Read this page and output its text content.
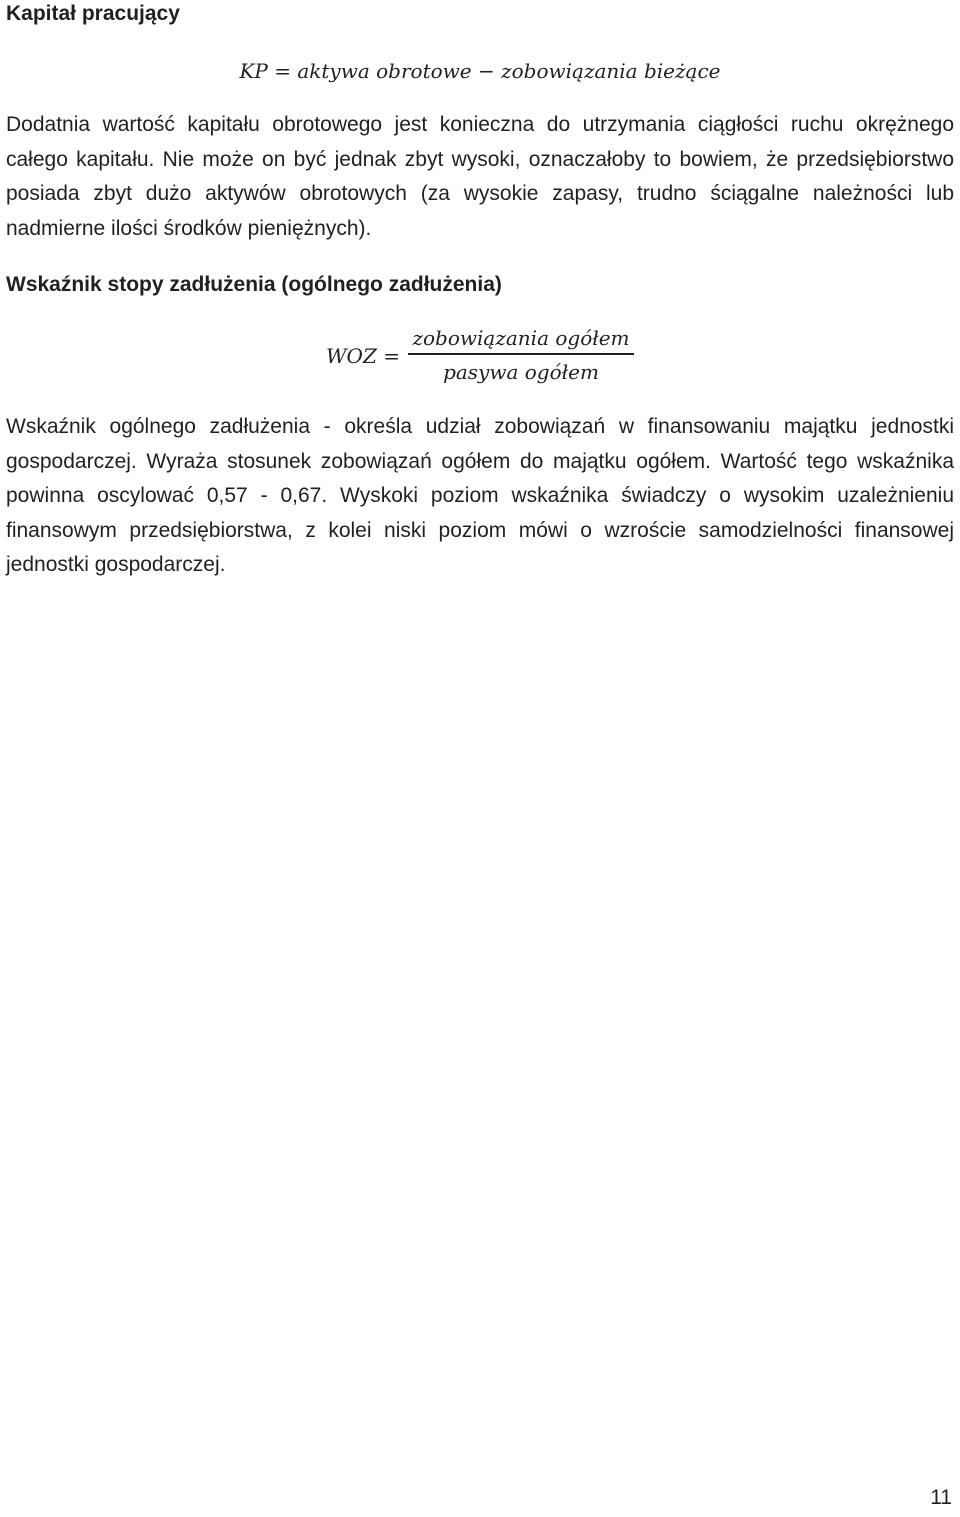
Kapitał pracujący
KP = aktywa obrotowe − zobowiązania bieżące

Dodatnia wartość kapitału obrotowego jest konieczna do utrzymania ciągłości ruchu okrężnego całego kapitału. Nie może on być jednak zbyt wysoki, oznaczałoby to bowiem, że przedsiębiorstwo posiada zbyt dużo aktywów obrotowych (za wysokie zapasy, trudno ściągalne należności lub nadmierne ilości środków pieniężnych).

Wskaźnik stopy zadłużenia (ogólnego zadłużenia)
WOZ =
zobowiązania ogółem
pasywa ogółem

Wskaźnik ogólnego zadłużenia - określa udział zobowiązań w finansowaniu majątku jednostki gospodarczej. Wyraża stosunek zobowiązań ogółem do majątku ogółem. Wartość tego wskaźnika powinna oscylować 0,57 - 0,67. Wyskoki poziom wskaźnika świadczy o wysokim uzależnieniu finansowym przedsiębiorstwa, z kolei niski poziom mówi o wzroście samodzielności finansowej jednostki gospodarczej.

11
